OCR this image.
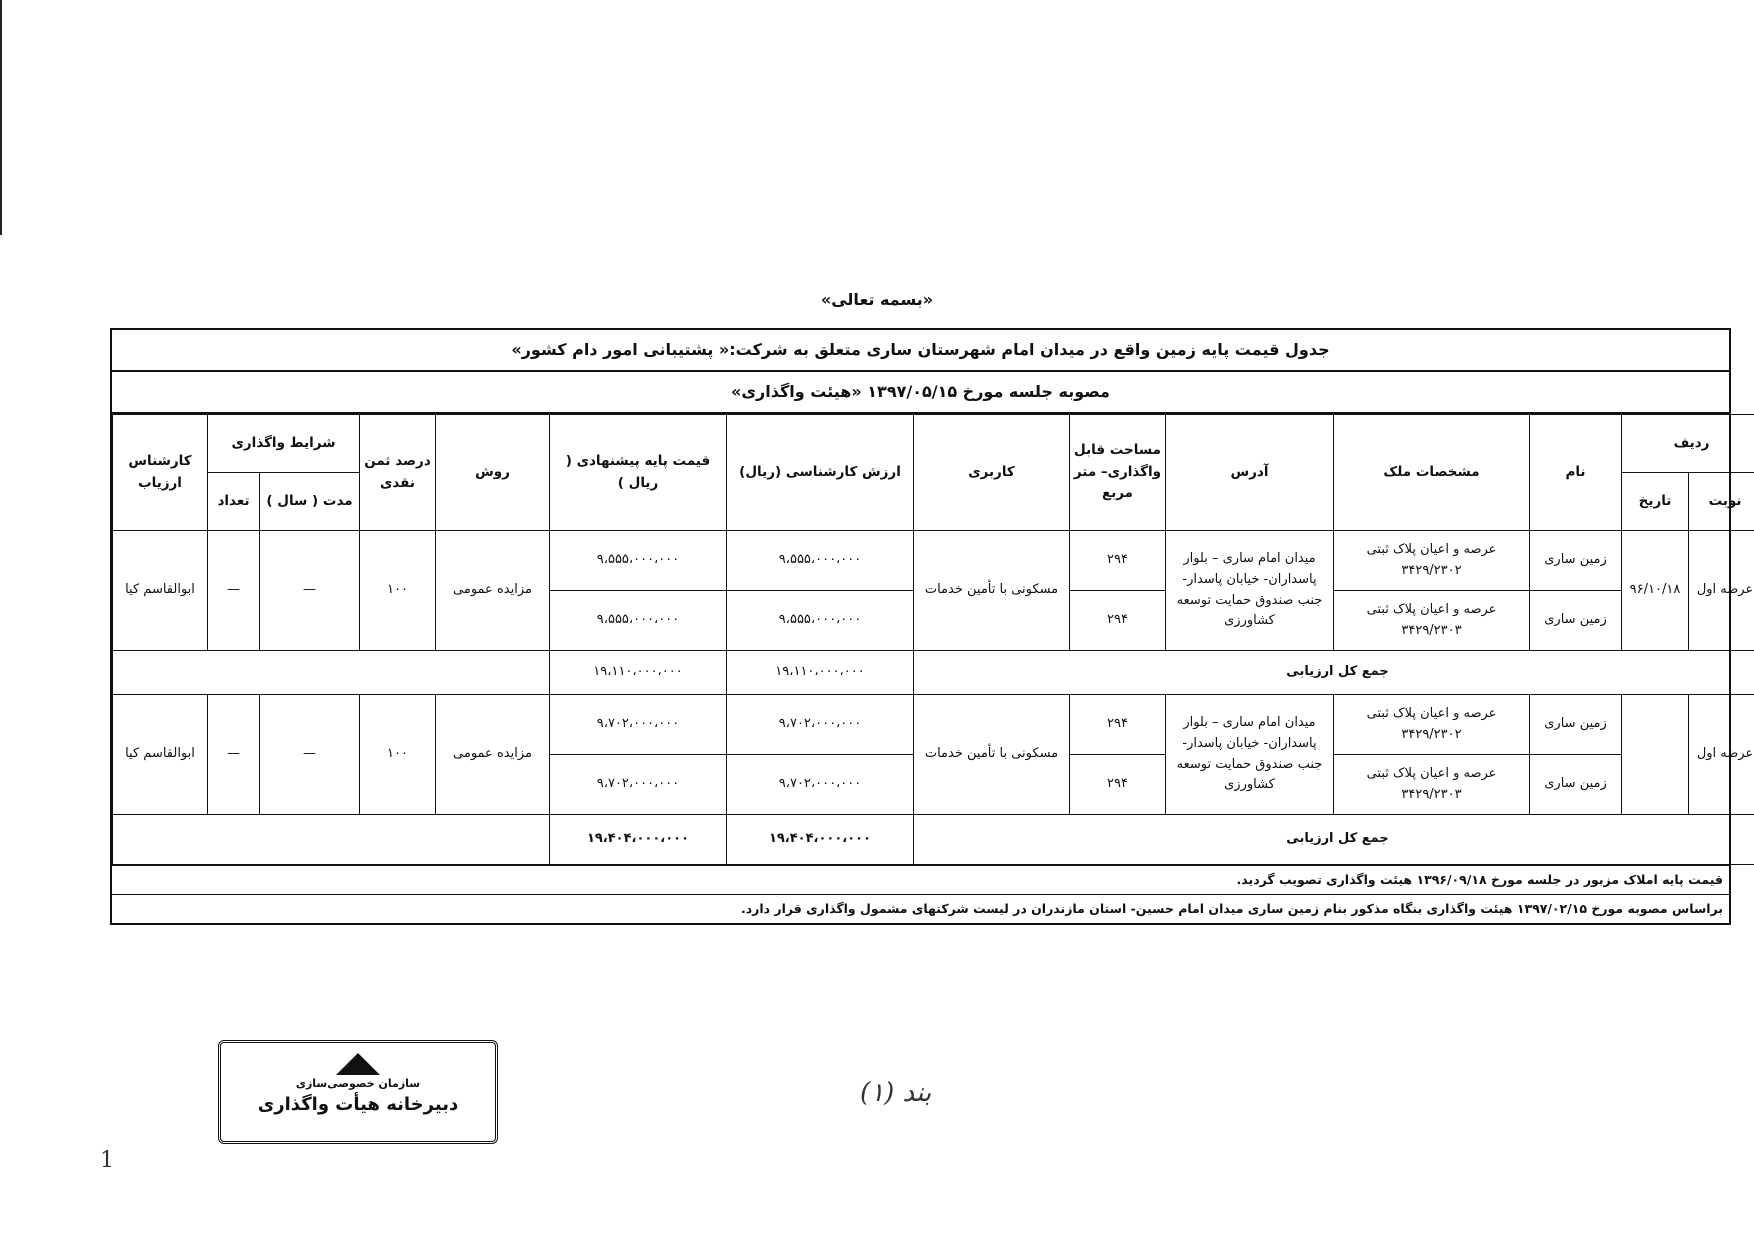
«بسمه تعالی»
جدول قیمت پایه زمین واقع در میدان امام شهرستان ساری متعلق به شرکت:« پشتیبانی امور دام کشور»
مصوبه جلسه مورخ ۱۳۹۷/۰۵/۱۵ «هیئت واگذاری»
ردیف		نام	مشخصات ملک	آدرس	مساحت قابل واگذاری– متر مربع	کاربری	ارزش کارشناسی (ریال)	قیمت پایه پیشنهادی ( ریال )	روش	درصد ثمن نقدی	شرایط واگذاری		کارشناس ارزیاب
نوبت	تاریخ										مدت ( سال )	تعداد	
عرضه اول	۹۶/۱۰/۱۸	زمین ساری	عرصه و اعیان پلاک ثبتی ۳۴۲۹/۲۳۰۲	میدان امام ساری – بلوار پاسداران- خیابان پاسدار- جنب صندوق حمایت توسعه کشاورزی	۲۹۴	مسکونی با تأمین خدمات	۹،۵۵۵،۰۰۰،۰۰۰	۹،۵۵۵،۰۰۰،۰۰۰	مزایده عمومی	۱۰۰	—	—	ابوالقاسم کیا
		زمین ساری	عرصه و اعیان پلاک ثبتی ۳۴۲۹/۲۳۰۳		۲۹۴		۹،۵۵۵،۰۰۰،۰۰۰	۹،۵۵۵،۰۰۰،۰۰۰					
جمع کل ارزیابی							۱۹،۱۱۰،۰۰۰،۰۰۰	۱۹،۱۱۰،۰۰۰،۰۰۰					
عرضه اول		زمین ساری	عرصه و اعیان پلاک ثبتی ۳۴۲۹/۲۳۰۲	میدان امام ساری – بلوار پاسداران- خیابان پاسدار- جنب صندوق حمایت توسعه کشاورزی	۲۹۴	مسکونی با تأمین خدمات	۹،۷۰۲،۰۰۰،۰۰۰	۹،۷۰۲،۰۰۰،۰۰۰	مزایده عمومی	۱۰۰	—	—	ابوالقاسم کیا
		زمین ساری	عرصه و اعیان پلاک ثبتی ۳۴۲۹/۲۳۰۳		۲۹۴		۹،۷۰۲،۰۰۰،۰۰۰	۹،۷۰۲،۰۰۰،۰۰۰					
جمع کل ارزیابی							۱۹،۴۰۴،۰۰۰،۰۰۰	۱۹،۴۰۴،۰۰۰،۰۰۰					
قیمت پایه املاک مزبور در جلسه مورخ ۱۳۹۶/۰۹/۱۸ هیئت واگذاری تصویب گردید.
براساس مصوبه مورخ ۱۳۹۷/۰۲/۱۵ هیئت واگذاری بنگاه مذکور بنام زمین ساری میدان امام حسین- استان مازندران در لیست شرکتهای مشمول واگذاری قرار دارد.
سازمان خصوصی‌سازی
دبیرخانه هیأت واگذاری	بند (۱)
1
